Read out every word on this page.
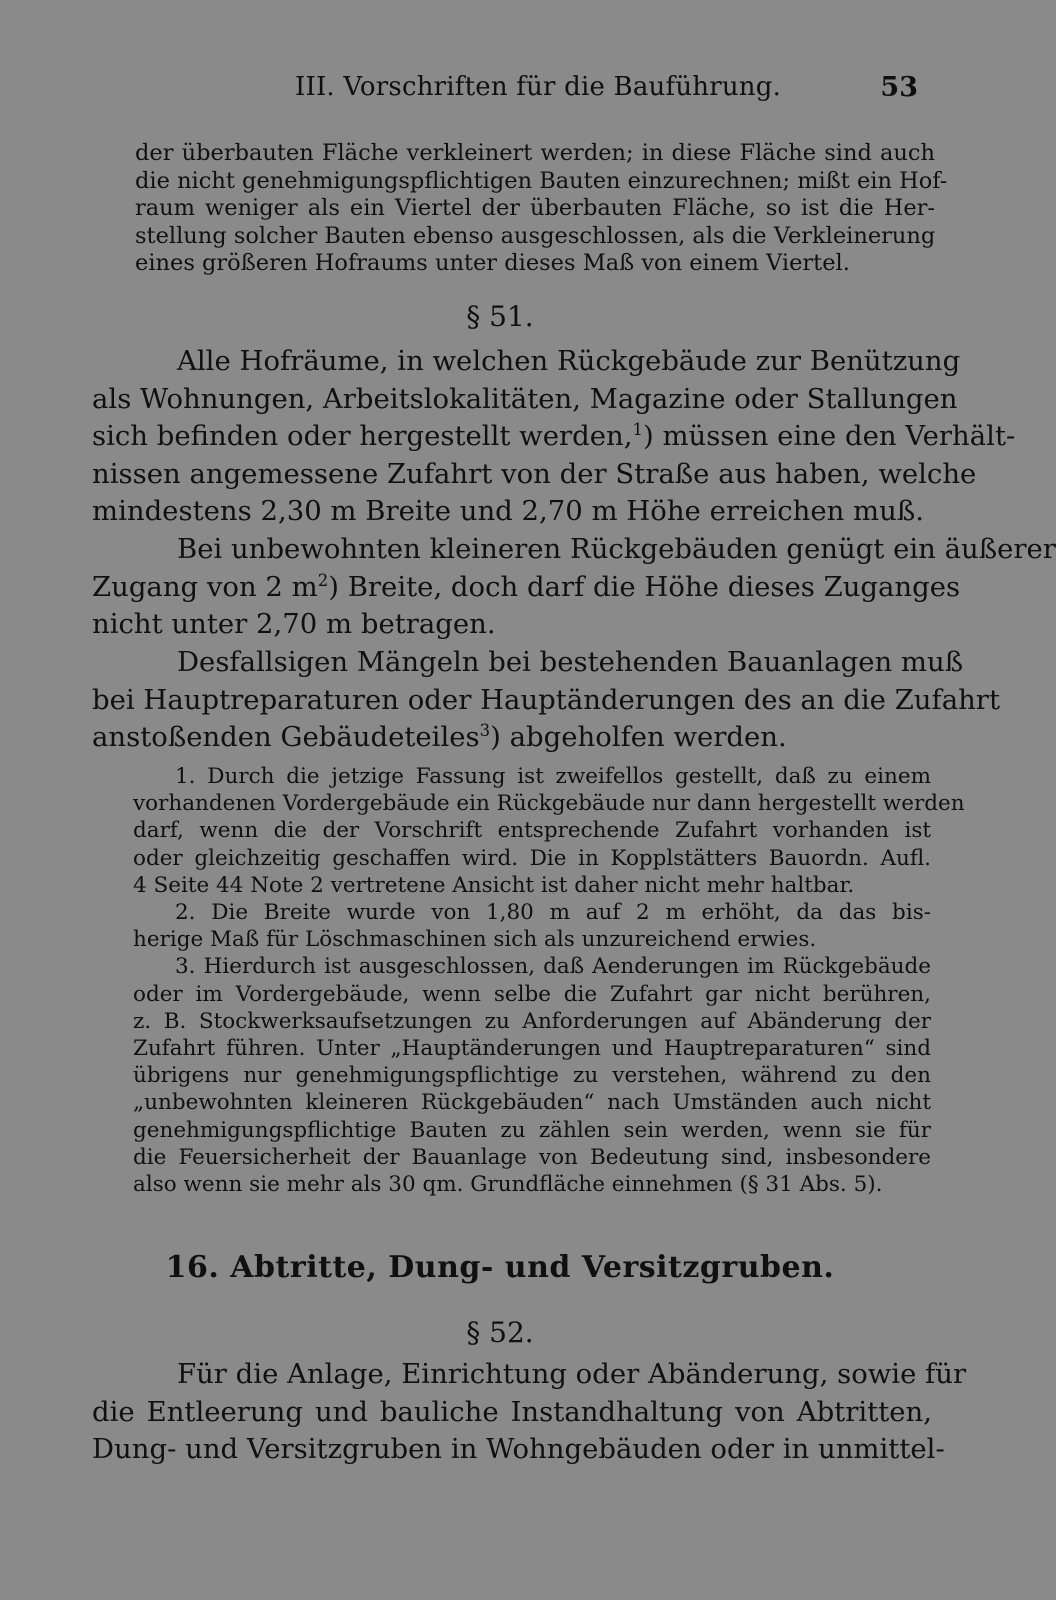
III. Vorschriften für die Bauführung.	53
der überbauten Fläche verkleinert werden; in diese Fläche sind auch
die nicht genehmigungspflichtigen Bauten einzurechnen; mißt ein Hof-
raum weniger als ein Viertel der überbauten Fläche, so ist die Her-
stellung solcher Bauten ebenso ausgeschlossen, als die Verkleinerung
eines größeren Hofraums unter dieses Maß von einem Viertel.
§ 51.
Alle Hofräume, in welchen Rückgebäude zur Benützung
als Wohnungen, Arbeitslokalitäten, Magazine oder Stallungen
sich befinden oder hergestellt werden,$^1$) müssen eine den Verhält-
nissen angemessene Zufahrt von der Straße aus haben, welche
mindestens 2,30 m Breite und 2,70 m Höhe erreichen muß.
Bei unbewohnten kleineren Rückgebäuden genügt ein äußerer
Zugang von 2 $m^2$) Breite, doch darf die Höhe dieses Zuganges
nicht unter 2,70 m betragen.
Desfallsigen Mängeln bei bestehenden Bauanlagen muß
bei Hauptreparaturen oder Hauptänderungen des an die Zufahrt
anstoßenden Gebäudeteiles$^3$) abgeholfen werden.
1. Durch die jetzige Fassung ist zweifellos gestellt, daß zu einem
vorhandenen Vordergebäude ein Rückgebäude nur dann hergestellt werden
darf, wenn die der Vorschrift entsprechende Zufahrt vorhanden ist
oder gleichzeitig geschaffen wird. Die in Kopplstätters Bauordn. Aufl.
4 Seite 44 Note 2 vertretene Ansicht ist daher nicht mehr haltbar.
2. Die Breite wurde von 1,80 m auf 2 m erhöht, da das bis-
herige Maß für Löschmaschinen sich als unzureichend erwies.
3. Hierdurch ist ausgeschlossen, daß Aenderungen im Rückgebäude
oder im Vordergebäude, wenn selbe die Zufahrt gar nicht berühren,
z. B. Stockwerksaufsetzungen zu Anforderungen auf Abänderung der
Zufahrt führen. Unter „Hauptänderungen und Hauptreparaturen“ sind
übrigens nur genehmigungspflichtige zu verstehen, während zu den
„unbewohnten kleineren Rückgebäuden“ nach Umständen auch nicht
genehmigungspflichtige Bauten zu zählen sein werden, wenn sie für
die Feuersicherheit der Bauanlage von Bedeutung sind, insbesondere
also wenn sie mehr als 30 qm. Grundfläche einnehmen (§ 31 Abs. 5).
16. Abtritte, Dung- und Versitzgruben.
§ 52.
Für die Anlage, Einrichtung oder Abänderung, sowie für
die Entleerung und bauliche Instandhaltung von Abtritten,
Dung- und Versitzgruben in Wohngebäuden oder in unmittel-
